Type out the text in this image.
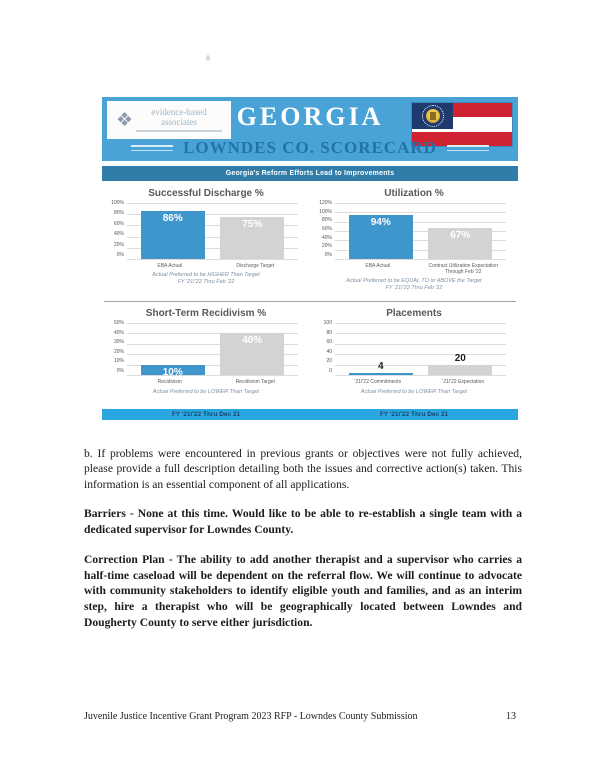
❖ evidence-based
associates	GEORGIA
LOWNDES CO. SCORECARD
Georgia's Reform Efforts Lead to Improvements
Successful Discharge %
100%
80%
60%
40%
20%
0%
86%
75%
EBA Actual	Discharge Target
Actual Preferred to be HIGHER Than Target
FY '21/'22 Thru Feb '22
Utilization %
120%
100%
80%
60%
40%
20%
0%
94%
67%
EBA Actual	Contract Utilization Expectation Through Feb '22
Actual Preferred to be EQUAL TO or ABOVE the Target
FY '21/'22 Thru Feb '22
Short-Term Recidivism %
50%
40%
30%
20%
10%
0%	10%
40%
Recidivism	Recidivism Target
Actual Preferred to be LOWER Than Target
Placements
100
80
60
40
20
0	4
20
'21/'22 Commitments	'21/'22 Expectation
Actual Preferred to be LOWER Than Target
FY '21/'22 Thru Dec 21	FY '21/'22 Thru Dec 21

b. If problems were encountered in previous grants or objectives were not fully achieved, please provide a full description detailing both the issues and corrective action(s) taken. This information is an essential component of all applications.

Barriers - None at this time. Would like to be able to re-establish a single team with a dedicated supervisor for Lowndes County.

Correction Plan - The ability to add another therapist and a supervisor who carries a half-time caseload will be dependent on the referral flow. We will continue to advocate with community stakeholders to identify eligible youth and families, and as an interim step, hire a therapist who will be geographically located between Lowndes and Dougherty County to serve either jurisdiction.

Juvenile Justice Incentive Grant Program 2023 RFP - Lowndes County Submission	13
